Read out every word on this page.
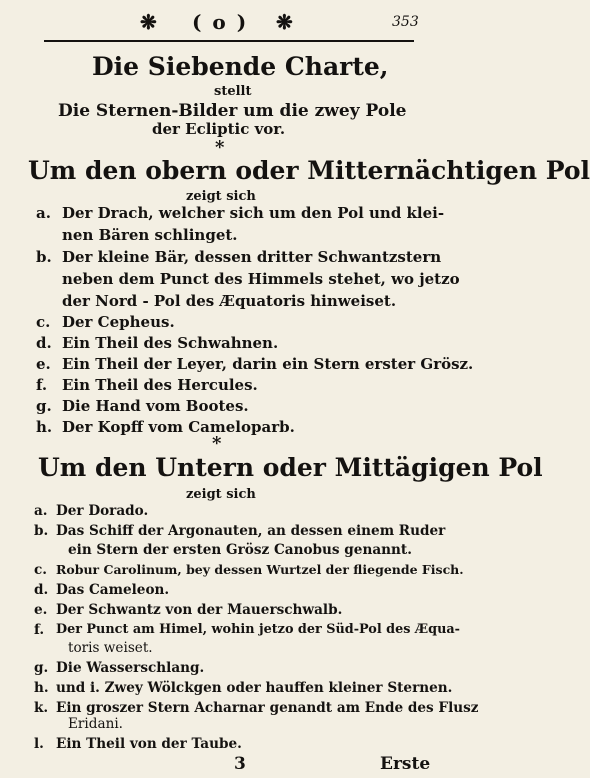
❋ ( o ) ❋	353
Die Siebende Charte,
stellt
Die Sternen-Bilder um die zwey Pole
der Ecliptic vor.
*
Um den obern oder Mitternächtigen Pol
zeigt sich
a. Der Drach, welcher sich um den Pol und klei-
nen Bären schlinget.
b. Der kleine Bär, dessen dritter Schwantzstern
neben dem Punct des Himmels stehet, wo jetzo
der Nord - Pol des Æquatoris hinweiset.
c. Der Cepheus.
d. Ein Theil des Schwahnen.
e. Ein Theil der Leyer, darin ein Stern erster Grösz.
f. Ein Theil des Hercules.
g. Die Hand vom Bootes.
h. Der Kopff vom Cameloparb.
*
Um den Untern oder Mittägigen Pol
zeigt sich
a. Der Dorado.
b. Das Schiff der Argonauten, an dessen einem Ruder
ein Stern der ersten Grösz Canobus genannt.
c. Robur Carolinum, bey dessen Wurtzel der fliegende Fisch.
d. Das Cameleon.
e. Der Schwantz von der Mauerschwalb.
f. Der Punct am Himel, wohin jetzo der Süd-Pol des Æqua-
toris weiset.
g. Die Wasserschlang.
h. und i. Zwey Wölckgen oder hauffen kleiner Sternen.
k. Ein groszer Stern Acharnar genandt am Ende des Flusz
Eridani.
l. Ein Theil von der Taube.
3	Erste
